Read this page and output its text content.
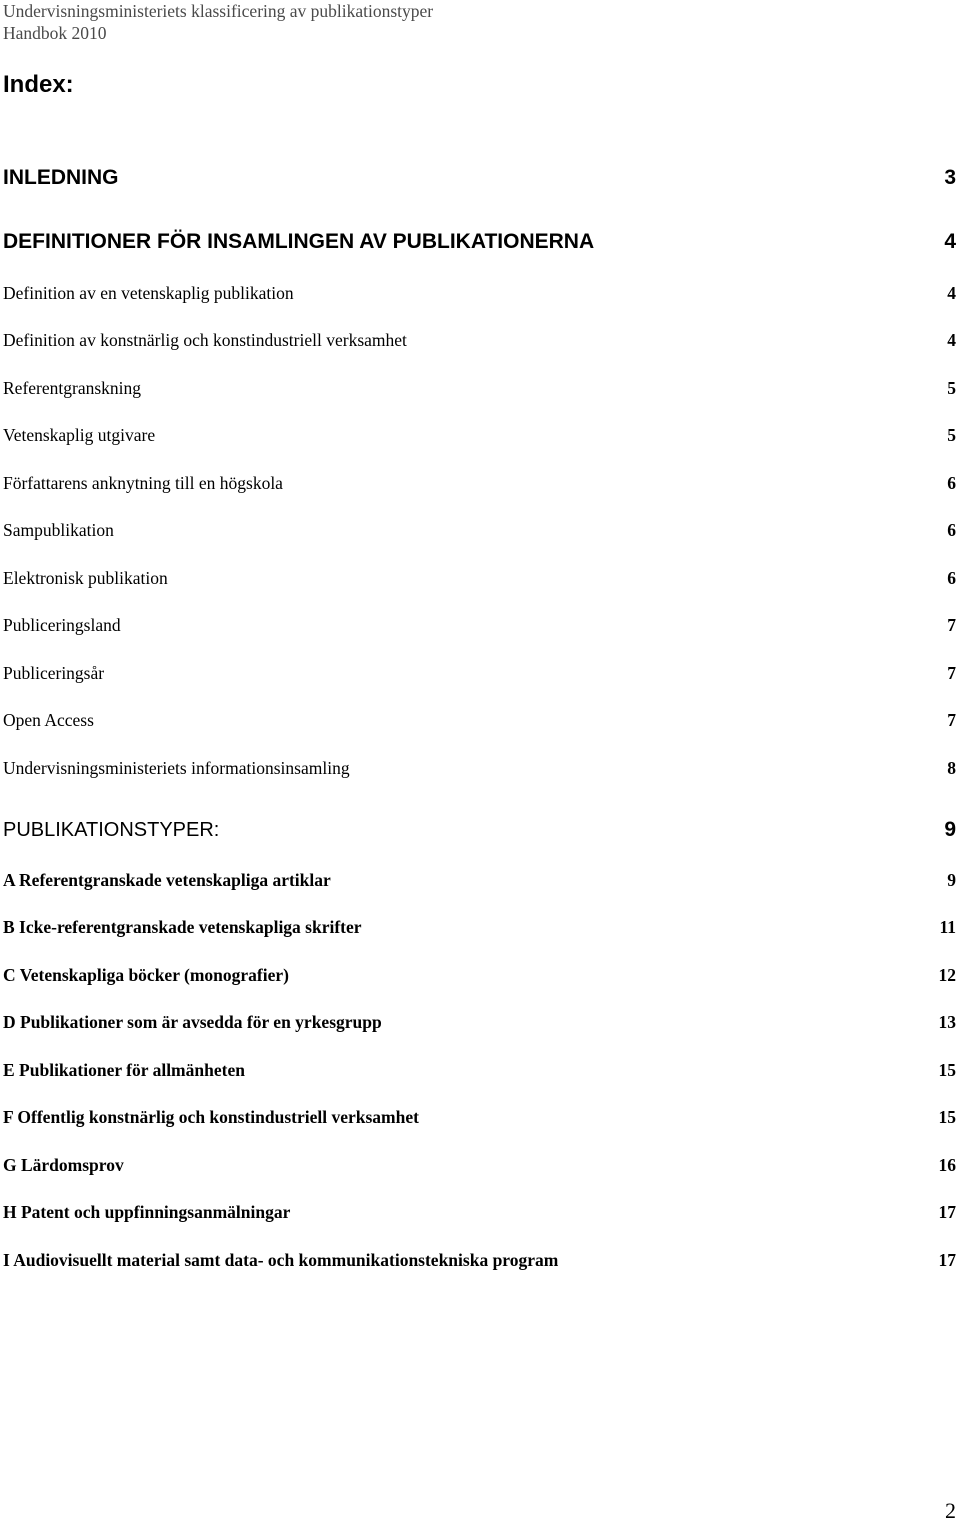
Undervisningsministeriets klassificering av publikationstyper
Handbok 2010
Index:
INLEDNING	3
DEFINITIONER FÖR INSAMLINGEN AV PUBLIKATIONERNA	4
Definition av en vetenskaplig publikation	4
Definition av konstnärlig och konstindustriell verksamhet	4
Referentgranskning	5
Vetenskaplig utgivare	5
Författarens anknytning till en högskola	6
Sampublikation	6
Elektronisk publikation	6
Publiceringsland	7
Publiceringsår	7
Open Access	7
Undervisningsministeriets informationsinsamling	8
PUBLIKATIONSTYPER:	9
A Referentgranskade vetenskapliga artiklar	9
B Icke-referentgranskade vetenskapliga skrifter	11
C Vetenskapliga böcker (monografier)	12
D Publikationer som är avsedda för en yrkesgrupp	13
E Publikationer för allmänheten	15
F Offentlig konstnärlig och konstindustriell verksamhet	15
G Lärdomsprov	16
H Patent och uppfinningsanmälningar	17
I Audiovisuellt material samt data- och kommunikationstekniska program	17
2
